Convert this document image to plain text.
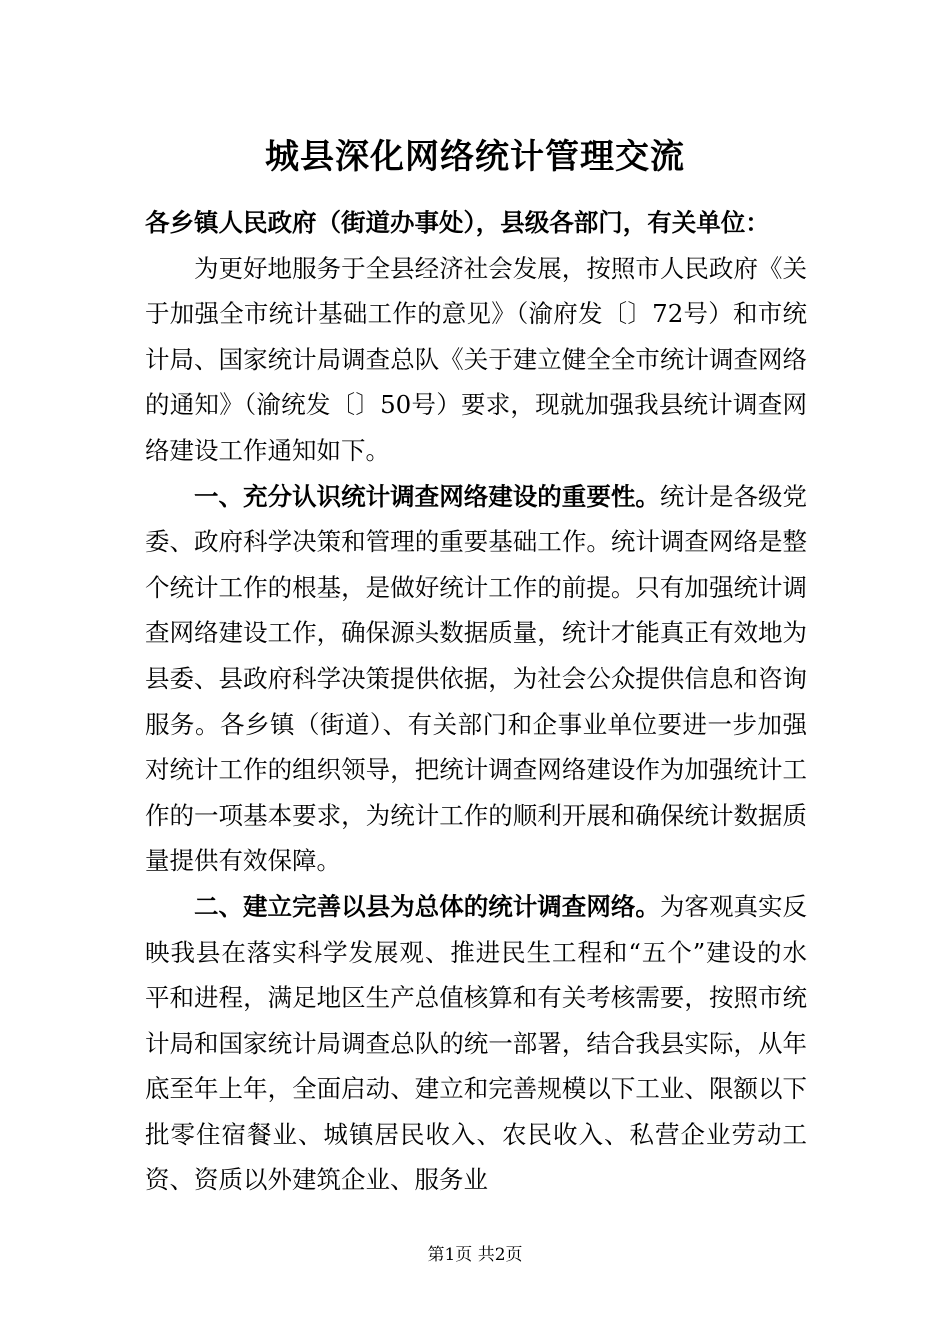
城县深化网络统计管理交流

各乡镇人民政府（街道办事处），县级各部门，有关单位：

为更好地服务于全县经济社会发展，按照市人民政府《关于加强全市统计基础工作的意见》（渝府发〔〕72号）和市统计局、国家统计局调查总队《关于建立健全全市统计调查网络的通知》（渝统发〔〕50号）要求，现就加强我县统计调查网络建设工作通知如下。

一、充分认识统计调查网络建设的重要性。统计是各级党委、政府科学决策和管理的重要基础工作。统计调查网络是整个统计工作的根基，是做好统计工作的前提。只有加强统计调查网络建设工作，确保源头数据质量，统计才能真正有效地为县委、县政府科学决策提供依据，为社会公众提供信息和咨询服务。各乡镇（街道）、有关部门和企事业单位要进一步加强对统计工作的组织领导，把统计调查网络建设作为加强统计工作的一项基本要求，为统计工作的顺利开展和确保统计数据质量提供有效保障。

二、建立完善以县为总体的统计调查网络。为客观真实反映我县在落实科学发展观、推进民生工程和“五个”建设的水平和进程，满足地区生产总值核算和有关考核需要，按照市统计局和国家统计局调查总队的统一部署，结合我县实际，从年底至年上年，全面启动、建立和完善规模以下工业、限额以下批零住宿餐业、城镇居民收入、农民收入、私营企业劳动工资、资质以外建筑企业、服务业

第1页 共2页
